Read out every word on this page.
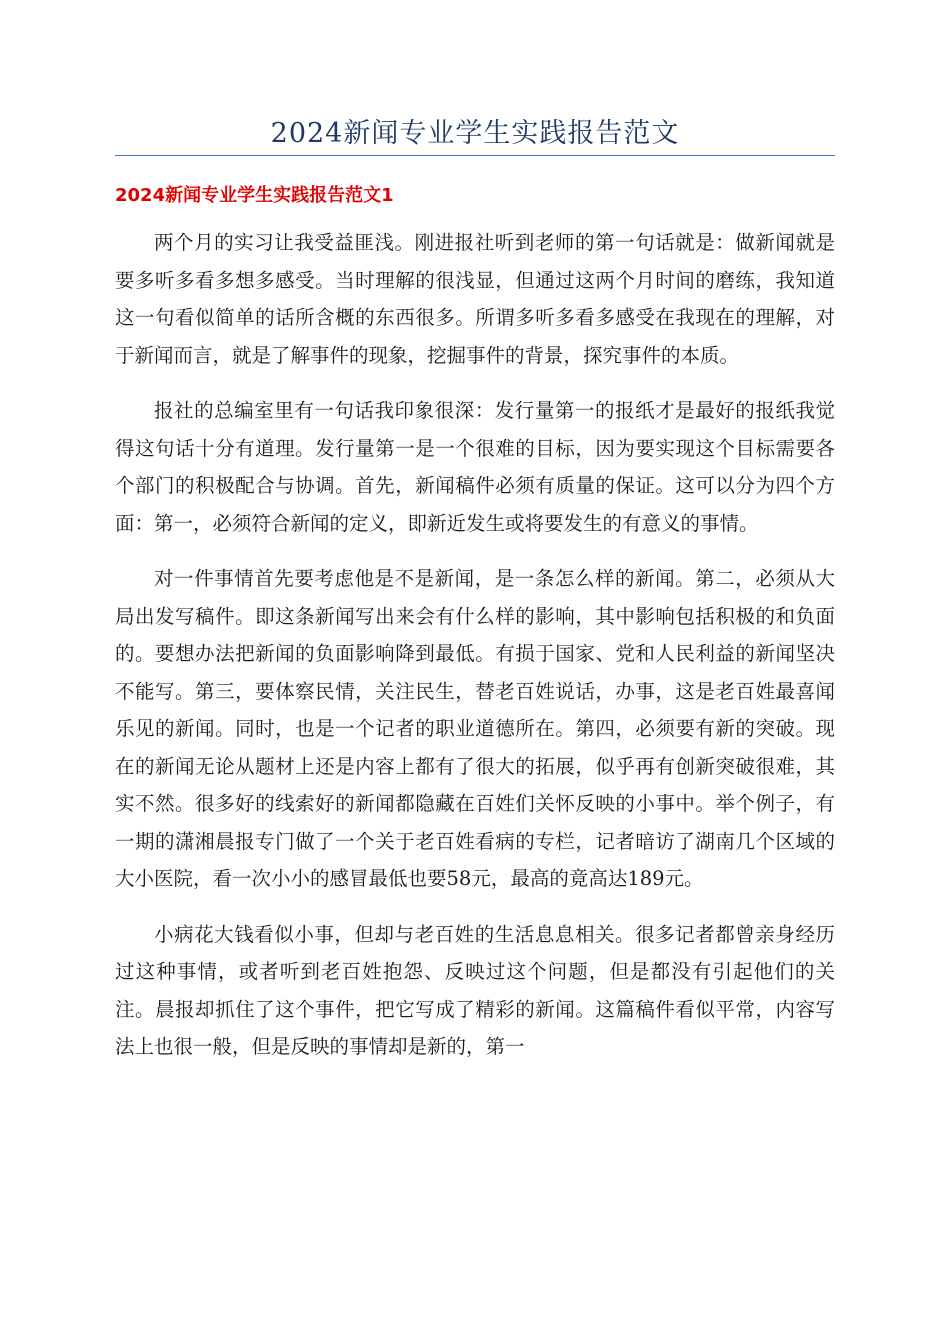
2024新闻专业学生实践报告范文
2024新闻专业学生实践报告范文1

两个月的实习让我受益匪浅。刚进报社听到老师的第一句话就是：做新闻就是要多听多看多想多感受。当时理解的很浅显，但通过这两个月时间的磨练，我知道这一句看似简单的话所含概的东西很多。所谓多听多看多感受在我现在的理解，对于新闻而言，就是了解事件的现象，挖掘事件的背景，探究事件的本质。

报社的总编室里有一句话我印象很深：发行量第一的报纸才是最好的报纸我觉得这句话十分有道理。发行量第一是一个很难的目标，因为要实现这个目标需要各个部门的积极配合与协调。首先，新闻稿件必须有质量的保证。这可以分为四个方面：第一，必须符合新闻的定义，即新近发生或将要发生的有意义的事情。

对一件事情首先要考虑他是不是新闻，是一条怎么样的新闻。第二，必须从大局出发写稿件。即这条新闻写出来会有什么样的影响，其中影响包括积极的和负面的。要想办法把新闻的负面影响降到最低。有损于国家、党和人民利益的新闻坚决不能写。第三，要体察民情，关注民生，替老百姓说话，办事，这是老百姓最喜闻乐见的新闻。同时，也是一个记者的职业道德所在。第四，必须要有新的突破。现在的新闻无论从题材上还是内容上都有了很大的拓展，似乎再有创新突破很难，其实不然。很多好的线索好的新闻都隐藏在百姓们关怀反映的小事中。举个例子，有一期的潇湘晨报专门做了一个关于老百姓看病的专栏，记者暗访了湖南几个区域的大小医院，看一次小小的感冒最低也要58元，最高的竟高达189元。

小病花大钱看似小事，但却与老百姓的生活息息相关。很多记者都曾亲身经历过这种事情，或者听到老百姓抱怨、反映过这个问题，但是都没有引起他们的关注。晨报却抓住了这个事件，把它写成了精彩的新闻。这篇稿件看似平常，内容写法上也很一般，但是反映的事情却是新的，第一
